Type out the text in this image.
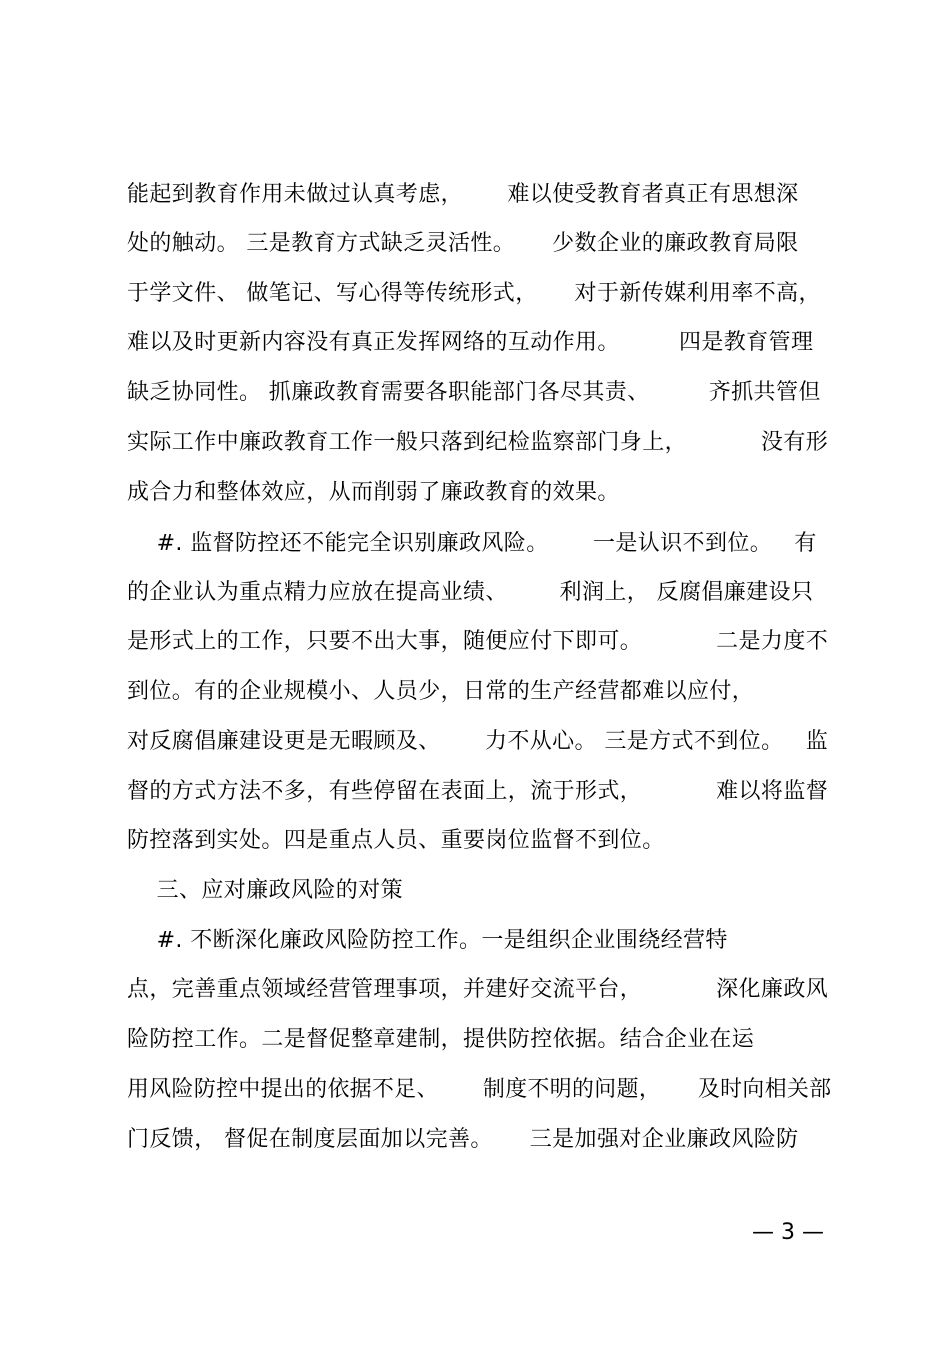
能起到教育作用未做过认真考虑，      难以使受教育者真正有思想深
处的触动。 三是教育方式缺乏灵活性。     少数企业的廉政教育局限
于学文件、 做笔记、写心得等传统形式，     对于新传媒利用率不高，
难以及时更新内容没有真正发挥网络的互动作用。        四是教育管理
缺乏协同性。 抓廉政教育需要各职能部门各尽其责、        齐抓共管但
实际工作中廉政教育工作一般只落到纪检监察部门身上，          没有形
成合力和整体效应，从而削弱了廉政教育的效果。
#. 监督防控还不能完全识别廉政风险。      一是认识不到位。   有
的企业认为重点精力应放在提高业绩、       利润上， 反腐倡廉建设只
是形式上的工作，只要不出大事，随便应付下即可。          二是力度不
到位。有的企业规模小、人员少，日常的生产经营都难以应付，
对反腐倡廉建设更是无暇顾及、      力不从心。 三是方式不到位。   监
督的方式方法不多，有些停留在表面上，流于形式，          难以将监督
防控落到实处。四是重点人员、重要岗位监督不到位。
三、应对廉政风险的对策
#. 不断深化廉政风险防控工作。一是组织企业围绕经营特
点，完善重点领域经营管理事项，并建好交流平台，          深化廉政风
险防控工作。二是督促整章建制，提供防控依据。结合企业在运
用风险防控中提出的依据不足、      制度不明的问题，     及时向相关部
门反馈， 督促在制度层面加以完善。     三是加强对企业廉政风险防
— 3 —
